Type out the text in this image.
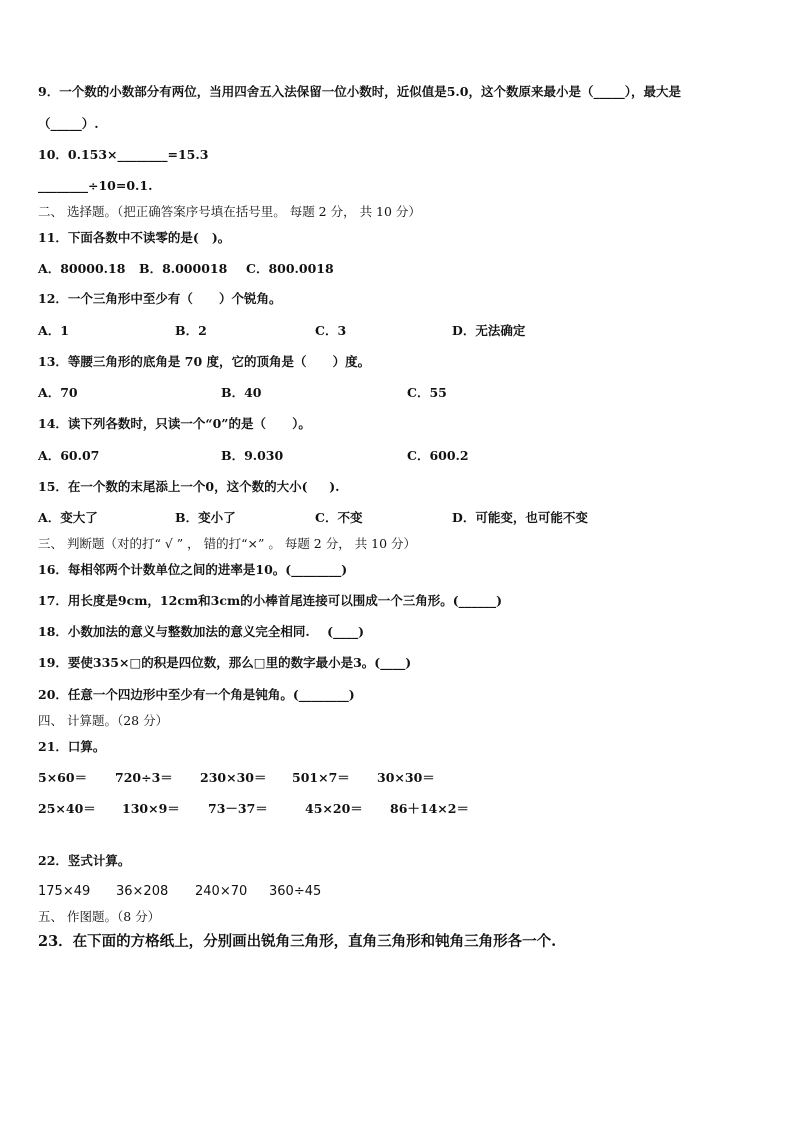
9．一个数的小数部分有两位，当用四舍五入法保留一位小数时，近似值是5.0，这个数原来最小是（_____），最大是
（_____）.
10．0.153×________=15.3
________÷10=0.1.
二、 选择题。（把正确答案序号填在括号里。 每题 2 分， 共 10 分）
11．下面各数中不读零的是(   )。
A．80000.18 B．8.000018 C．800.0018
12．一个三角形中至少有（      ）个锐角。
A．1	B．2	C．3	D．无法确定
13．等腰三角形的底角是 70 度，它的顶角是（      ）度。
A．70	B．40	C．55
14．读下列各数时，只读一个“0”的是（      ）。
A．60.07	B．9.030	C．600.2
15．在一个数的末尾添上一个0，这个数的大小(     ).
A．变大了	B．变小了	C．不变	D．可能变，也可能不变
三、 判断题（对的打“ √ ” ， 错的打“×” 。 每题 2 分， 共 10 分）
16．每相邻两个计数单位之间的进率是10。(________)
17．用长度是9cm，12cm和3cm的小棒首尾连接可以围成一个三角形。(______)
18．小数加法的意义与整数加法的意义完全相同.    (____)
19．要使335×□的积是四位数，那么□里的数字最小是3。(____)
20．任意一个四边形中至少有一个角是钝角。(________)
四、 计算题。（28 分）
21．口算。
5×60＝ 720÷3＝ 230×30＝ 501×7＝ 30×30＝
25×40＝ 130×9＝ 73－37＝	45×20＝ 86＋14×2＝
22．竖式计算。
175×49 36×208 240×70 360÷45
五、 作图题。（8 分）
23．在下面的方格纸上，分别画出锐角三角形，直角三角形和钝角三角形各一个.
